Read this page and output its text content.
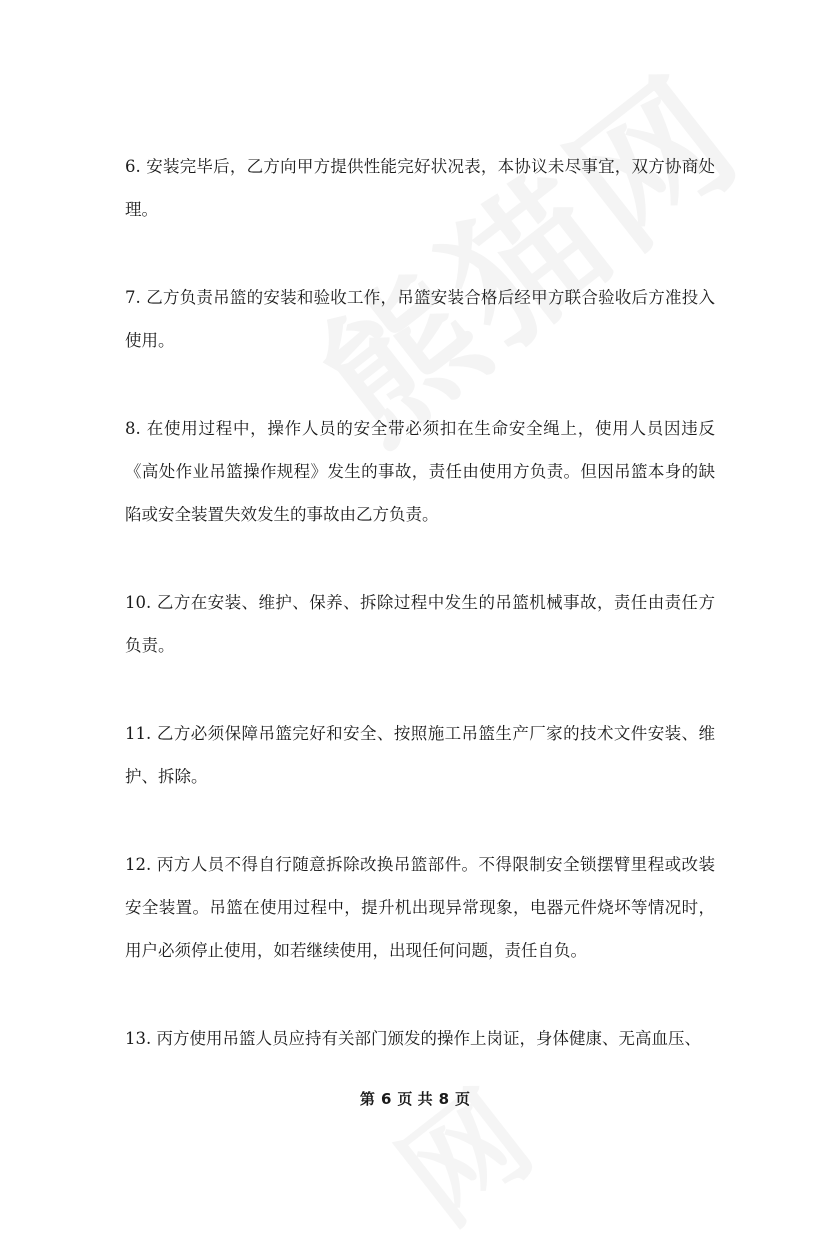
6. 安装完毕后，乙方向甲方提供性能完好状况表，本协议未尽事宜，双方协商处理。

7. 乙方负责吊篮的安装和验收工作，吊篮安装合格后经甲方联合验收后方准投入使用。

8. 在使用过程中，操作人员的安全带必须扣在生命安全绳上，使用人员因违反《高处作业吊篮操作规程》发生的事故，责任由使用方负责。但因吊篮本身的缺陷或安全装置失效发生的事故由乙方负责。

10. 乙方在安装、维护、保养、拆除过程中发生的吊篮机械事故，责任由责任方负责。

11. 乙方必须保障吊篮完好和安全、按照施工吊篮生产厂家的技术文件安装、维护、拆除。

12. 丙方人员不得自行随意拆除改换吊篮部件。不得限制安全锁摆臂里程或改装安全装置。吊篮在使用过程中，提升机出现异常现象，电器元件烧坏等情况时，用户必须停止使用，如若继续使用，出现任何问题，责任自负。

13. 丙方使用吊篮人员应持有关部门颁发的操作上岗证，身体健康、无高血压、

第 6 页 共 8 页
